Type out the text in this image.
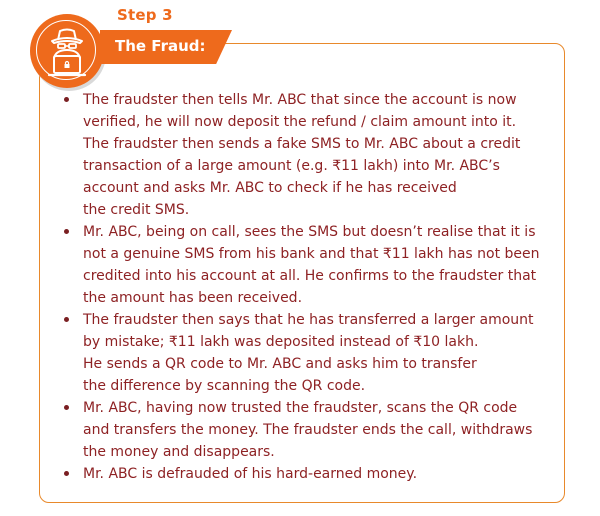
Step 3
The Fraud:
The fraudster then tells Mr. ABC that since the account is now
verified, he will now deposit the refund / claim amount into it.
The fraudster then sends a fake SMS to Mr. ABC about a credit
transaction of a large amount (e.g. ₹11 lakh) into Mr. ABC’s
account and asks Mr. ABC to check if he has received
the credit SMS.
Mr. ABC, being on call, sees the SMS but doesn’t realise that it is
not a genuine SMS from his bank and that ₹11 lakh has not been
credited into his account at all. He confirms to the fraudster that
the amount has been received.
The fraudster then says that he has transferred a larger amount
by mistake; ₹11 lakh was deposited instead of ₹10 lakh.
He sends a QR code to Mr. ABC and asks him to transfer
the difference by scanning the QR code.
Mr. ABC, having now trusted the fraudster, scans the QR code
and transfers the money. The fraudster ends the call, withdraws
the money and disappears.
Mr. ABC is defrauded of his hard-earned money.
